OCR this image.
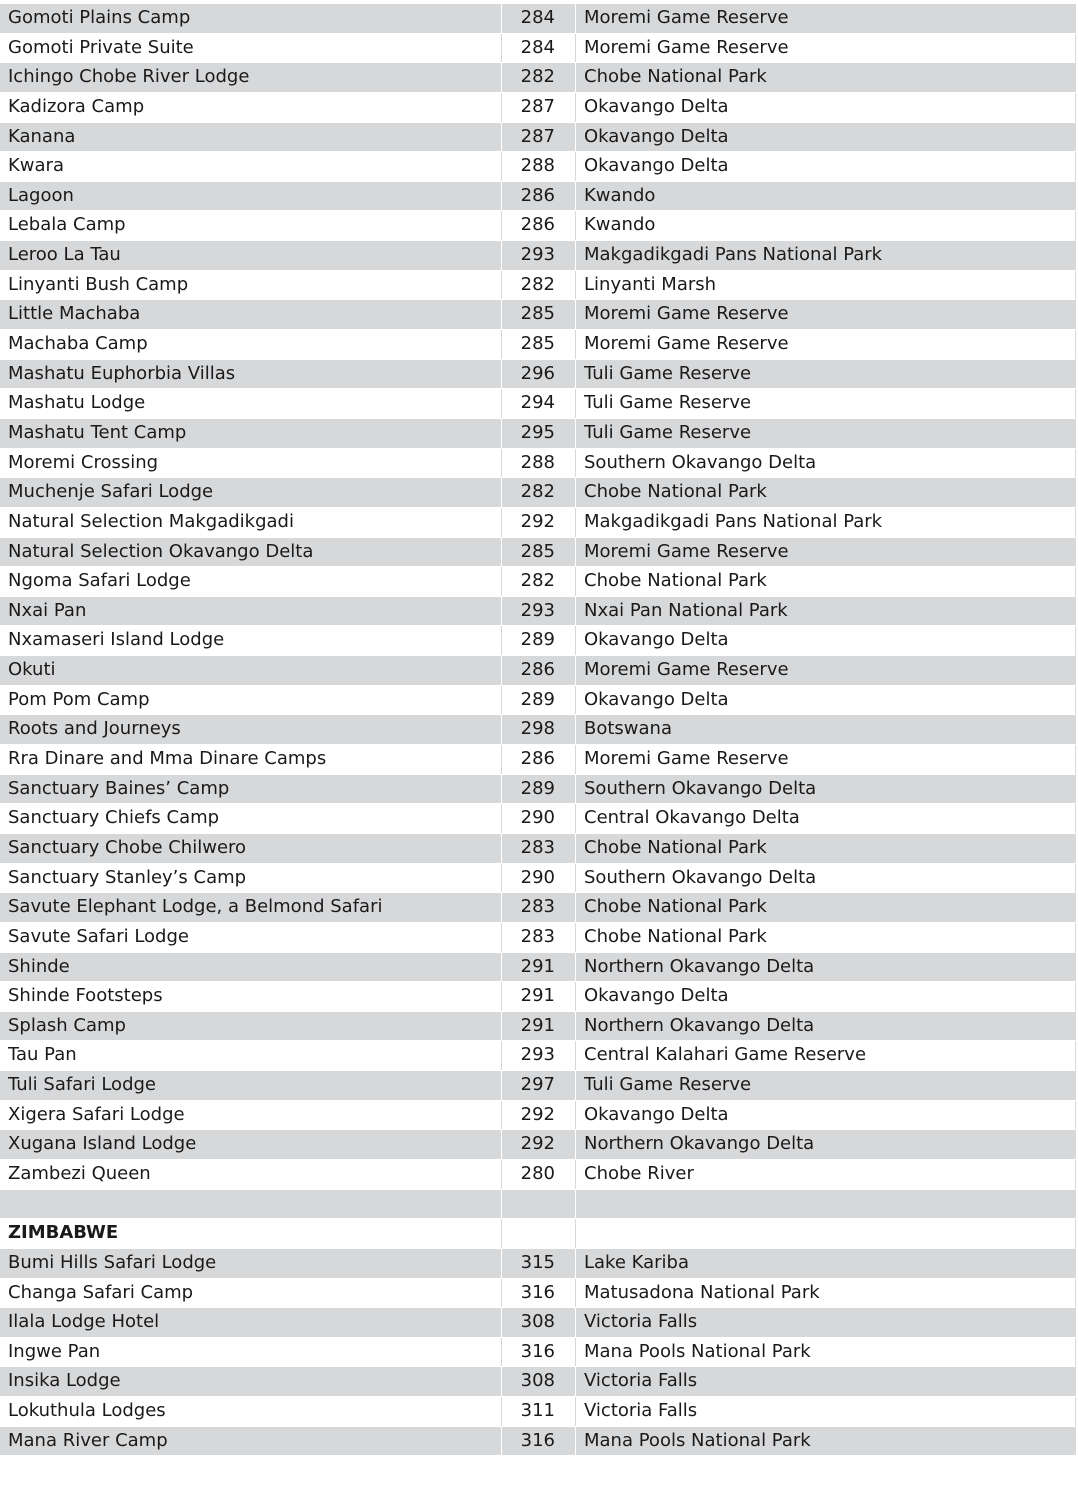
Gomoti Plains Camp	284	Moremi Game Reserve
Gomoti Private Suite	284	Moremi Game Reserve
Ichingo Chobe River Lodge	282	Chobe National Park
Kadizora Camp	287	Okavango Delta
Kanana	287	Okavango Delta
Kwara	288	Okavango Delta
Lagoon	286	Kwando
Lebala Camp	286	Kwando
Leroo La Tau	293	Makgadikgadi Pans National Park
Linyanti Bush Camp	282	Linyanti Marsh
Little Machaba	285	Moremi Game Reserve
Machaba Camp	285	Moremi Game Reserve
Mashatu Euphorbia Villas	296	Tuli Game Reserve
Mashatu Lodge	294	Tuli Game Reserve
Mashatu Tent Camp	295	Tuli Game Reserve
Moremi Crossing	288	Southern Okavango Delta
Muchenje Safari Lodge	282	Chobe National Park
Natural Selection Makgadikgadi	292	Makgadikgadi Pans National Park
Natural Selection Okavango Delta	285	Moremi Game Reserve
Ngoma Safari Lodge	282	Chobe National Park
Nxai Pan	293	Nxai Pan National Park
Nxamaseri Island Lodge	289	Okavango Delta
Okuti	286	Moremi Game Reserve
Pom Pom Camp	289	Okavango Delta
Roots and Journeys	298	Botswana
Rra Dinare and Mma Dinare Camps	286	Moremi Game Reserve
Sanctuary Baines’ Camp	289	Southern Okavango Delta
Sanctuary Chiefs Camp	290	Central Okavango Delta
Sanctuary Chobe Chilwero	283	Chobe National Park
Sanctuary Stanley’s Camp	290	Southern Okavango Delta
Savute Elephant Lodge, a Belmond Safari	283	Chobe National Park
Savute Safari Lodge	283	Chobe National Park
Shinde	291	Northern Okavango Delta
Shinde Footsteps	291	Okavango Delta
Splash Camp	291	Northern Okavango Delta
Tau Pan	293	Central Kalahari Game Reserve
Tuli Safari Lodge	297	Tuli Game Reserve
Xigera Safari Lodge	292	Okavango Delta
Xugana Island Lodge	292	Northern Okavango Delta
Zambezi Queen	280	Chobe River
ZIMBABWE
Bumi Hills Safari Lodge	315	Lake Kariba
Changa Safari Camp	316	Matusadona National Park
Ilala Lodge Hotel	308	Victoria Falls
Ingwe Pan	316	Mana Pools National Park
Insika Lodge	308	Victoria Falls
Lokuthula Lodges	311	Victoria Falls
Mana River Camp	316	Mana Pools National Park
